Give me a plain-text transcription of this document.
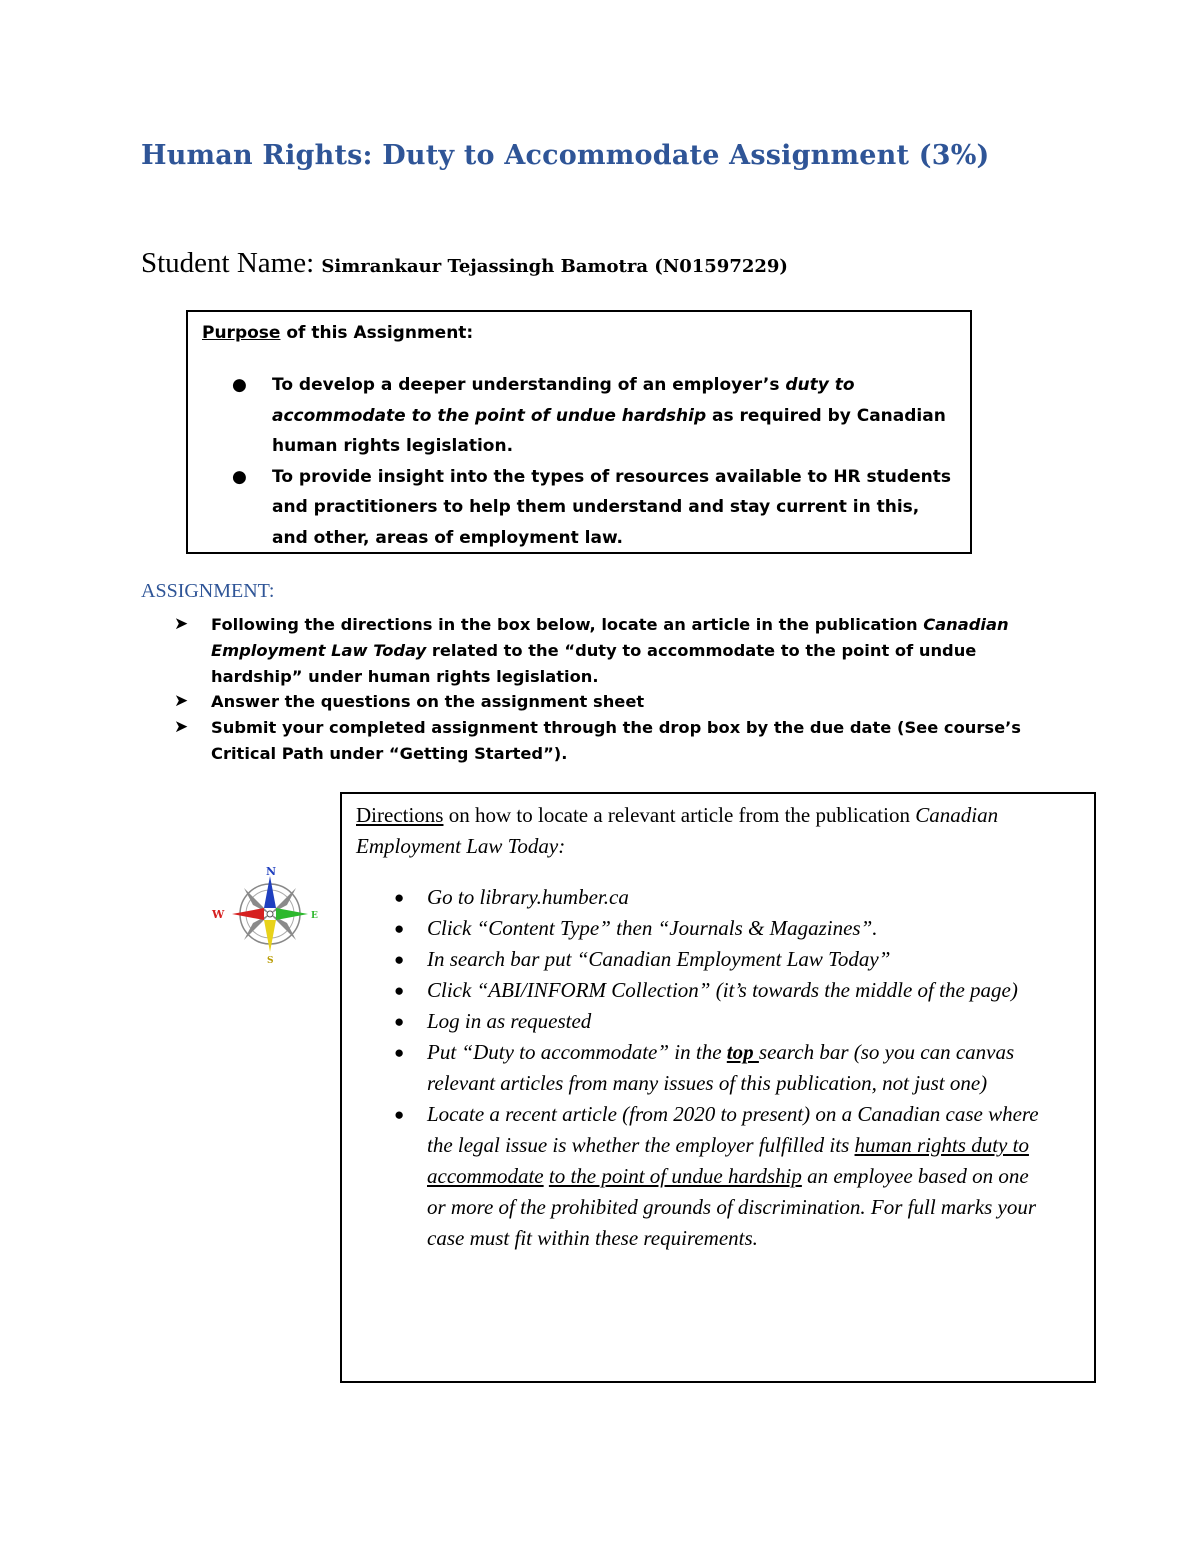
Human Rights: Duty to Accommodate Assignment (3%)
Student Name: Simrankaur Tejassingh Bamotra (N01597229)
Purpose of this Assignment:
● To develop a deeper understanding of an employer’s duty to accommodate to the point of undue hardship as required by Canadian human rights legislation.
● To provide insight into the types of resources available to HR students and practitioners to help them understand and stay current in this, and other, areas of employment law.
ASSIGNMENT:
➤ Following the directions in the box below, locate an article in the publication Canadian Employment Law Today related to the “duty to accommodate to the point of undue hardship” under human rights legislation.
➤ Answer the questions on the assignment sheet
➤ Submit your completed assignment through the drop box by the due date (See course’s Critical Path under “Getting Started”).
N
S
W	E
Directions on how to locate a relevant article from the publication Canadian Employment Law Today:
● Go to library.humber.ca
● Click “Content Type” then “Journals & Magazines”.
● In search bar put “Canadian Employment Law Today”
● Click “ABI/INFORM Collection” (it’s towards the middle of the page)
● Log in as requested
● Put “Duty to accommodate” in the top search bar (so you can canvas relevant articles from many issues of this publication, not just one)
● Locate a recent article (from 2020 to present) on a Canadian case where the legal issue is whether the employer fulfilled its human rights duty to accommodate to the point of undue hardship an employee based on one or more of the prohibited grounds of discrimination. For full marks your case must fit within these requirements.
